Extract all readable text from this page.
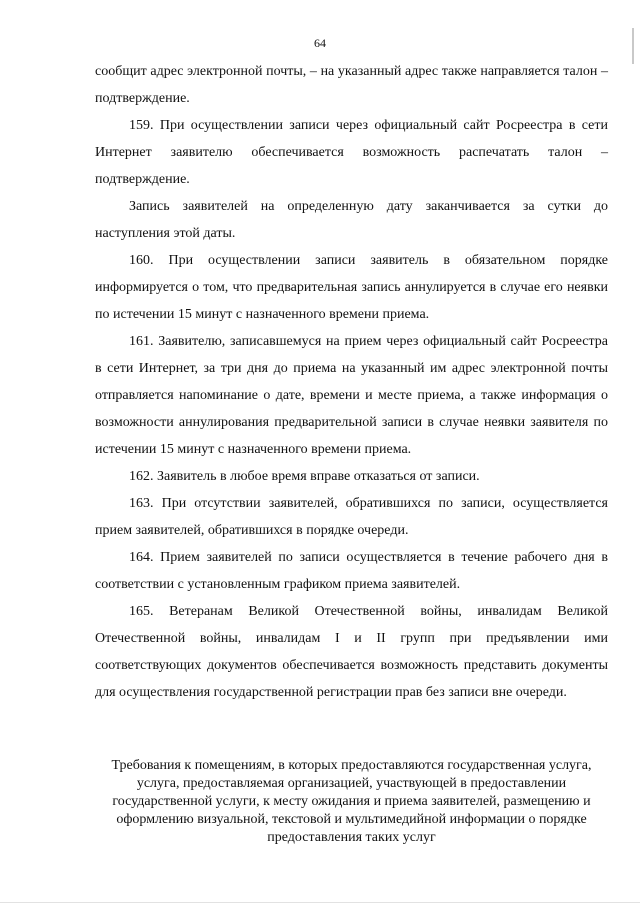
64

сообщит адрес электронной почты, – на указанный адрес также направляется талон – подтверждение.

159. При осуществлении записи через официальный сайт Росреестра в сети Интернет заявителю обеспечивается возможность распечатать талон – подтверждение.

Запись заявителей на определенную дату заканчивается за сутки до наступления этой даты.

160. При осуществлении записи заявитель в обязательном порядке информируется о том, что предварительная запись аннулируется в случае его неявки по истечении 15 минут с назначенного времени приема.

161. Заявителю, записавшемуся на прием через официальный сайт Росреестра в сети Интернет, за три дня до приема на указанный им адрес электронной почты отправляется напоминание о дате, времени и месте приема, а также информация о возможности аннулирования предварительной записи в случае неявки заявителя по истечении 15 минут с назначенного времени приема.

162. Заявитель в любое время вправе отказаться от записи.

163. При отсутствии заявителей, обратившихся по записи, осуществляется прием заявителей, обратившихся в порядке очереди.

164. Прием заявителей по записи осуществляется в течение рабочего дня в соответствии с установленным графиком приема заявителей.

165. Ветеранам Великой Отечественной войны, инвалидам Великой Отечественной войны, инвалидам I и II групп при предъявлении ими соответствующих документов обеспечивается возможность представить документы для осуществления государственной регистрации прав без записи вне очереди.

Требования к помещениям, в которых предоставляются государственная услуга, услуга, предоставляемая организацией, участвующей в предоставлении государственной услуги, к месту ожидания и приема заявителей, размещению и оформлению визуальной, текстовой и мультимедийной информации о порядке предоставления таких услуг
